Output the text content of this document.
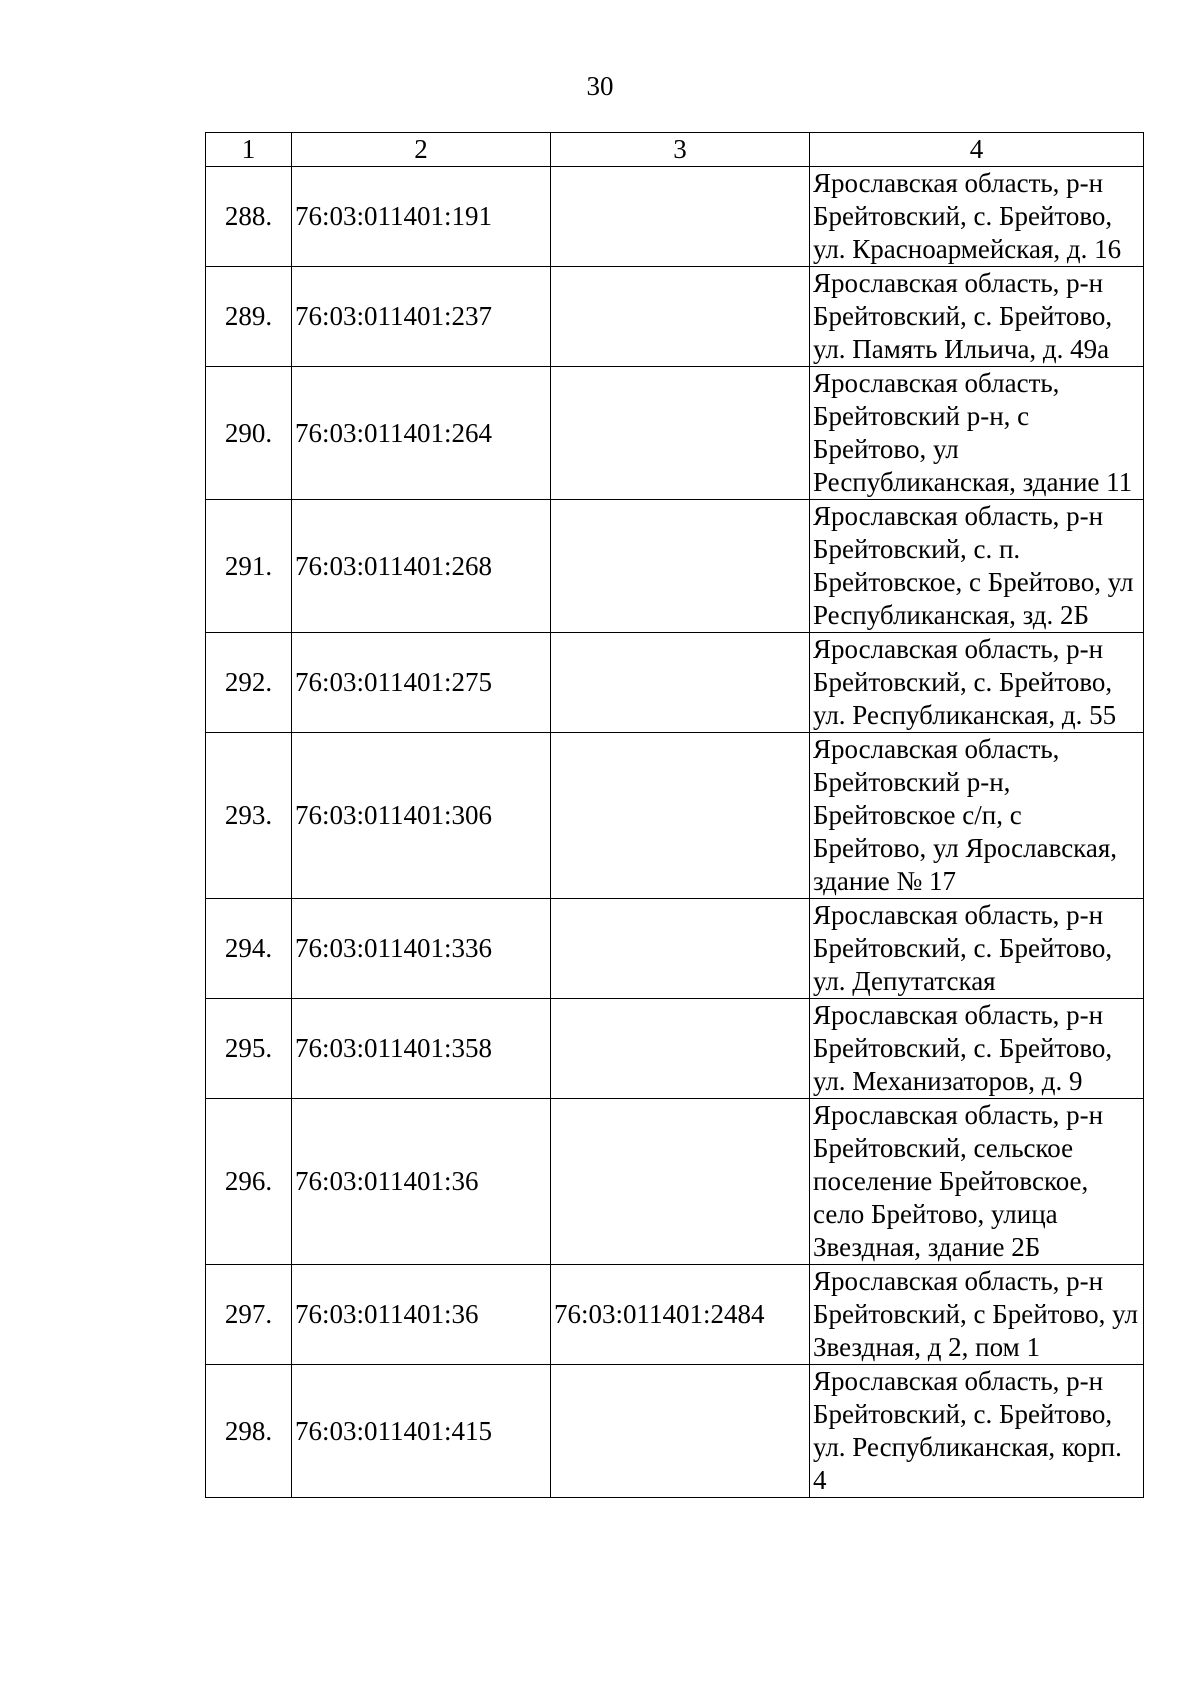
30
1	2	3	4
288.	76:03:011401:191		Ярославская область, р-н Брейтовский, с. Брейтово, ул. Красноармейская, д. 16
289.	76:03:011401:237		Ярославская область, р-н Брейтовский, с. Брейтово, ул. Память Ильича, д. 49а
290.	76:03:011401:264		Ярославская область, Брейтовский р-н, с Брейтово, ул Республиканская, здание 11
291.	76:03:011401:268		Ярославская область, р-н Брейтовский, с. п. Брейтовское, с Брейтово, ул Республиканская, зд. 2Б
292.	76:03:011401:275		Ярославская область, р-н Брейтовский, с. Брейтово, ул. Республиканская, д. 55
293.	76:03:011401:306		Ярославская область, Брейтовский р-н, Брейтовское с/п, с Брейтово, ул Ярославская, здание № 17
294.	76:03:011401:336		Ярославская область, р-н Брейтовский, с. Брейтово, ул. Депутатская
295.	76:03:011401:358		Ярославская область, р-н Брейтовский, с. Брейтово, ул. Механизаторов, д. 9
296.	76:03:011401:36		Ярославская область, р-н Брейтовский, сельское поселение Брейтовское, село Брейтово, улица Звездная, здание 2Б
297.	76:03:011401:36	76:03:011401:2484	Ярославская область, р-н Брейтовский, с Брейтово, ул Звездная, д 2, пом 1
298.	76:03:011401:415		Ярославская область, р-н Брейтовский, с. Брейтово, ул. Республиканская, корп. 4
